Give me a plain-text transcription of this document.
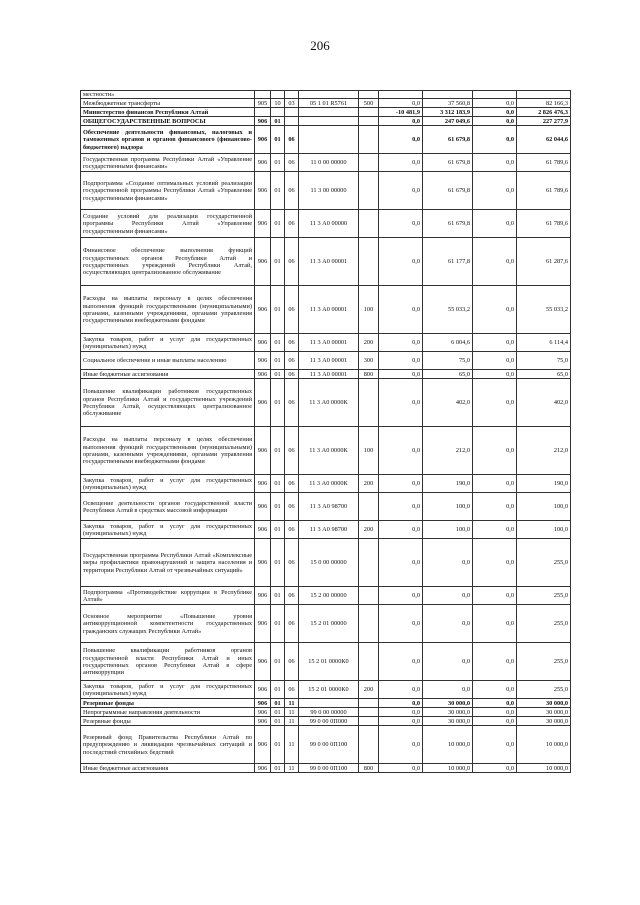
206
местности»									
Межбюджетные трансферты	905	10	03	05 1 01 R5761	500	0,0	37 560,8	0,0	82 166,3
Министерство финансов Республики Алтай						-10 481,9	3 312 183,9	0,0	2 826 476,3
ОБЩЕГОСУДАРСТВЕННЫЕ ВОПРОСЫ	906	01				0,0	247 049,6	0,0	227 277,9
Обеспечение деятельности финансовых, налоговых и таможенных органов и органов финансового (финансово-бюджетного) надзора	906	01	06			0,0	61 679,8	0,0	62 044,6
Государственная программа Республики Алтай «Управление государственными финансами»	906	01	06	11 0 00 00000		0,0	61 679,8	0,0	61 789,6
Подпрограмма «Создание оптимальных условий реализации государственной программы Республики Алтай «Управление государственными финансами»	906	01	06	11 3 00 00000		0,0	61 679,8	0,0	61 789,6
Создание условий для реализации государственной программы Республики Алтай «Управление государственными финансами»	906	01	06	11 3 А0 00000		0,0	61 679,8	0,0	61 789,6
Финансовое обеспечение выполнения функций государственных органов Республики Алтай и государственных учреждений Республики Алтай, осуществляющих централизованное обслуживание	906	01	06	11 3 А0 00001		0,0	61 177,8	0,0	61 287,6
Расходы на выплаты персоналу в целях обеспечения выполнения функций государственными (муниципальными) органами, казенными учреждениями, органами управления государственными внебюджетными фондами	906	01	06	11 3 А0 00001	100	0,0	55 033,2	0,0	55 033,2
Закупка товаров, работ и услуг для государственных (муниципальных) нужд	906	01	06	11 3 А0 00001	200	0,0	6 004,6	0,0	6 114,4
Социальное обеспечение и иные выплаты населению	906	01	06	11 3 А0 00001	300	0,0	75,0	0,0	75,0
Иные бюджетные ассигнования	906	01	06	11 3 А0 00001	800	0,0	65,0	0,0	65,0
Повышение квалификации работников государственных органов Республики Алтай и государственных учреждений Республики Алтай, осуществляющих централизованное обслуживание	906	01	06	11 3 А0 0000К		0,0	402,0	0,0	402,0
Расходы на выплаты персоналу в целях обеспечения выполнения функций государственными (муниципальными) органами, казенными учреждениями, органами управления государственными внебюджетными фондами	906	01	06	11 3 А0 0000К	100	0,0	212,0	0,0	212,0
Закупка товаров, работ и услуг для государственных (муниципальных) нужд	906	01	06	11 3 А0 0000К	200	0,0	190,0	0,0	190,0
Освещение деятельности органов государственной власти Республики Алтай в средствах массовой информации	906	01	06	11 3 А0 98700		0,0	100,0	0,0	100,0
Закупка товаров, работ и услуг для государственных (муниципальных) нужд	906	01	06	11 3 А0 98700	200	0,0	100,0	0,0	100,0
Государственная программа Республики Алтай «Комплексные меры профилактики правонарушений и защита населения и территории Республики Алтай от чрезвычайных ситуаций»	906	01	06	15 0 00 00000		0,0	0,0	0,0	255,0
Подпрограмма «Противодействие коррупции в Республике Алтай»	906	01	06	15 2 00 00000		0,0	0,0	0,0	255,0
Основное мероприятие «Повышение уровня антикоррупционной компетентности государственных гражданских служащих Республики Алтай»	906	01	06	15 2 01 00000		0,0	0,0	0,0	255,0
Повышение квалификации работников органов государственной власти Республики Алтай и иных государственных органов Республики Алтай в сфере антикоррупции	906	01	06	15 2 01 0000К0		0,0	0,0	0,0	255,0
Закупка товаров, работ и услуг для государственных (муниципальных) нужд	906	01	06	15 2 01 0000К0	200	0,0	0,0	0,0	255,0
Резервные фонды	906	01	11			0,0	30 000,0	0,0	30 000,0
Непрограммные направления деятельности	906	01	11	99 0 00 00000		0,0	30 000,0	0,0	30 000,0
Резервные фонды	906	01	11	99 0 00 0П000		0,0	30 000,0	0,0	30 000,0
Резервный фонд Правительства Республики Алтай по предупреждению и ликвидации чрезвычайных ситуаций и последствий стихийных бедствий	906	01	11	99 0 00 0П100		0,0	10 000,0	0,0	10 000,0
Иные бюджетные ассигнования	906	01	11	99 0 00 0П100	800	0,0	10 000,0	0,0	10 000,0
